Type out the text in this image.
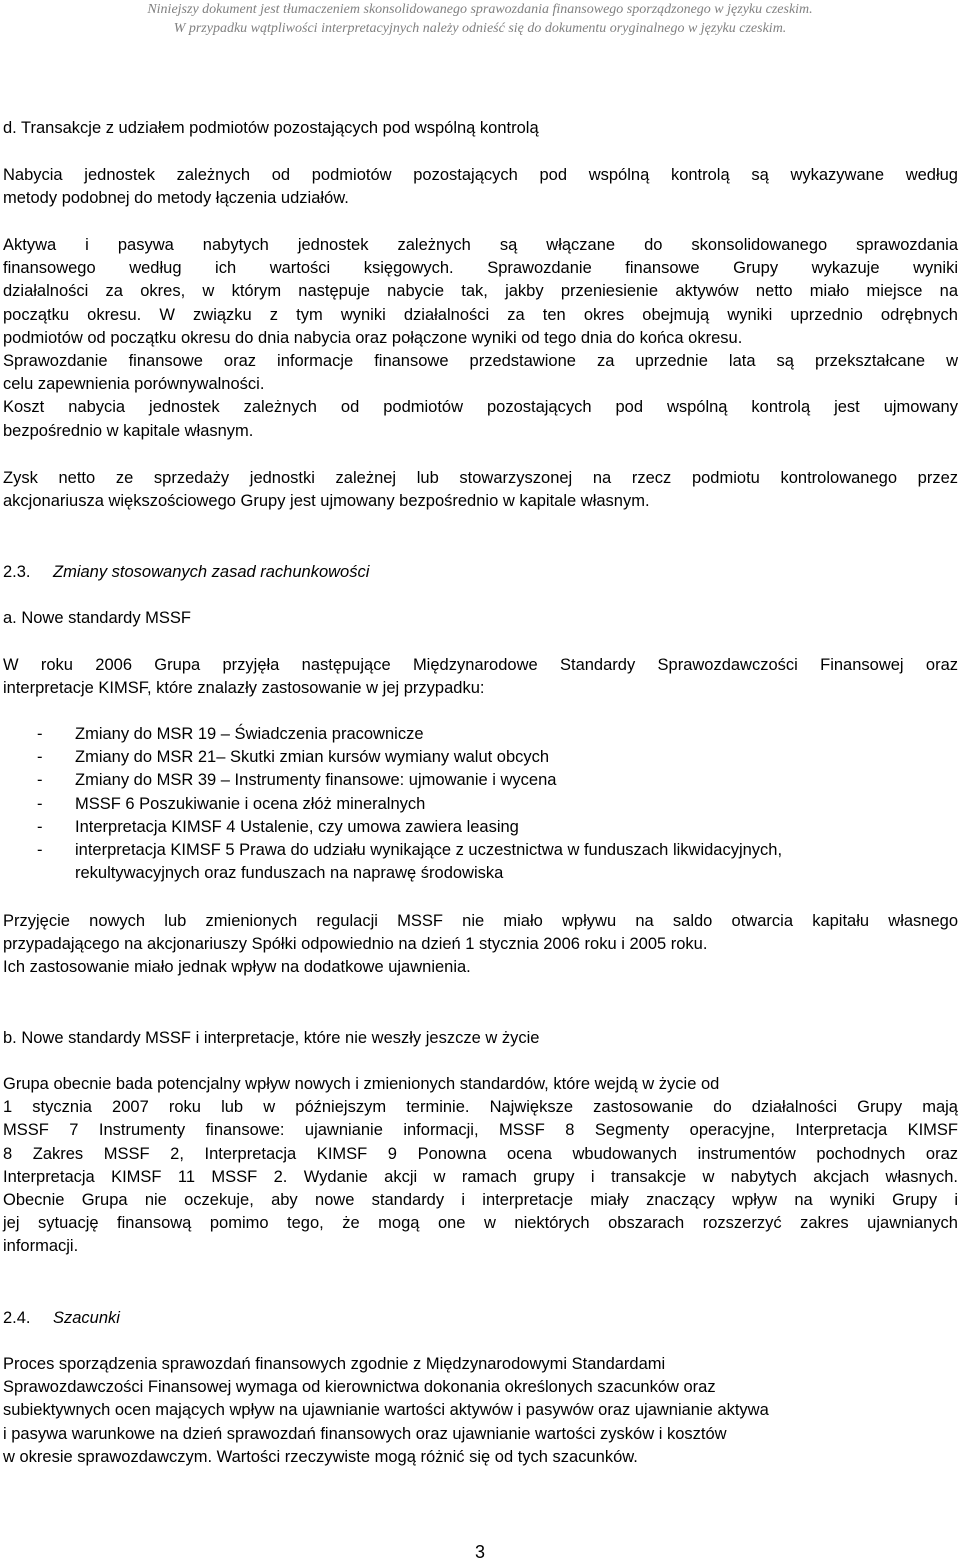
Niniejszy dokument jest tłumaczeniem skonsolidowanego sprawozdania finansowego sporządzonego w języku czeskim.
W przypadku wątpliwości interpretacyjnych należy odnieść się do dokumentu oryginalnego w języku czeskim.
d. Transakcje z udziałem podmiotów pozostających pod wspólną kontrolą
Nabycia jednostek zależnych od podmiotów pozostających pod wspólną kontrolą są wykazywane według
metody podobnej do metody łączenia udziałów.
Aktywa i pasywa nabytych jednostek zależnych są włączane do skonsolidowanego sprawozdania
finansowego według ich wartości księgowych. Sprawozdanie finansowe Grupy wykazuje wyniki
działalności za okres, w którym następuje nabycie tak, jakby przeniesienie aktywów netto miało miejsce na
początku okresu. W związku z tym wyniki działalności za ten okres obejmują wyniki uprzednio odrębnych
podmiotów od początku okresu do dnia nabycia oraz połączone wyniki od tego dnia do końca okresu.
Sprawozdanie finansowe oraz informacje finansowe przedstawione za uprzednie lata są przekształcane w
celu zapewnienia porównywalności.
Koszt nabycia jednostek zależnych od podmiotów pozostających pod wspólną kontrolą jest ujmowany
bezpośrednio w kapitale własnym.
Zysk netto ze sprzedaży jednostki zależnej lub stowarzyszonej na rzecz podmiotu kontrolowanego przez
akcjonariusza większościowego Grupy jest ujmowany bezpośrednio w kapitale własnym.
2.3. Zmiany stosowanych zasad rachunkowości
a. Nowe standardy MSSF
W roku 2006 Grupa przyjęła następujące Międzynarodowe Standardy Sprawozdawczości Finansowej oraz
interpretacje KIMSF, które znalazły zastosowanie w jej przypadku:
- Zmiany do MSR 19 – Świadczenia pracownicze
- Zmiany do MSR 21– Skutki zmian kursów wymiany walut obcych
- Zmiany do MSR 39 – Instrumenty finansowe: ujmowanie i wycena
- MSSF 6 Poszukiwanie i ocena złóż mineralnych
- Interpretacja KIMSF 4 Ustalenie, czy umowa zawiera leasing
- interpretacja KIMSF 5 Prawa do udziału wynikające z uczestnictwa w funduszach likwidacyjnych,
rekultywacyjnych oraz funduszach na naprawę środowiska
Przyjęcie nowych lub zmienionych regulacji MSSF nie miało wpływu na saldo otwarcia kapitału własnego
przypadającego na akcjonariuszy Spółki odpowiednio na dzień 1 stycznia 2006 roku i 2005 roku.
Ich zastosowanie miało jednak wpływ na dodatkowe ujawnienia.
b. Nowe standardy MSSF i interpretacje, które nie weszły jeszcze w życie
Grupa obecnie bada potencjalny wpływ nowych i zmienionych standardów, które wejdą w życie od
1 stycznia 2007 roku lub w późniejszym terminie. Największe zastosowanie do działalności Grupy mają
MSSF 7 Instrumenty finansowe: ujawnianie informacji, MSSF 8 Segmenty operacyjne, Interpretacja KIMSF
8 Zakres MSSF 2, Interpretacja KIMSF 9 Ponowna ocena wbudowanych instrumentów pochodnych oraz
Interpretacja KIMSF 11 MSSF 2. Wydanie akcji w ramach grupy i transakcje w nabytych akcjach własnych.
Obecnie Grupa nie oczekuje, aby nowe standardy i interpretacje miały znaczący wpływ na wyniki Grupy i
jej sytuację finansową pomimo tego, że mogą one w niektórych obszarach rozszerzyć zakres ujawnianych
informacji.
2.4. Szacunki
Proces sporządzenia sprawozdań finansowych zgodnie z Międzynarodowymi Standardami
Sprawozdawczości Finansowej wymaga od kierownictwa dokonania określonych szacunków oraz
subiektywnych ocen mających wpływ na ujawnianie wartości aktywów i pasywów oraz ujawnianie aktywa
i pasywa warunkowe na dzień sprawozdań finansowych oraz ujawnianie wartości zysków i kosztów
w okresie sprawozdawczym. Wartości rzeczywiste mogą różnić się od tych szacunków.
3
